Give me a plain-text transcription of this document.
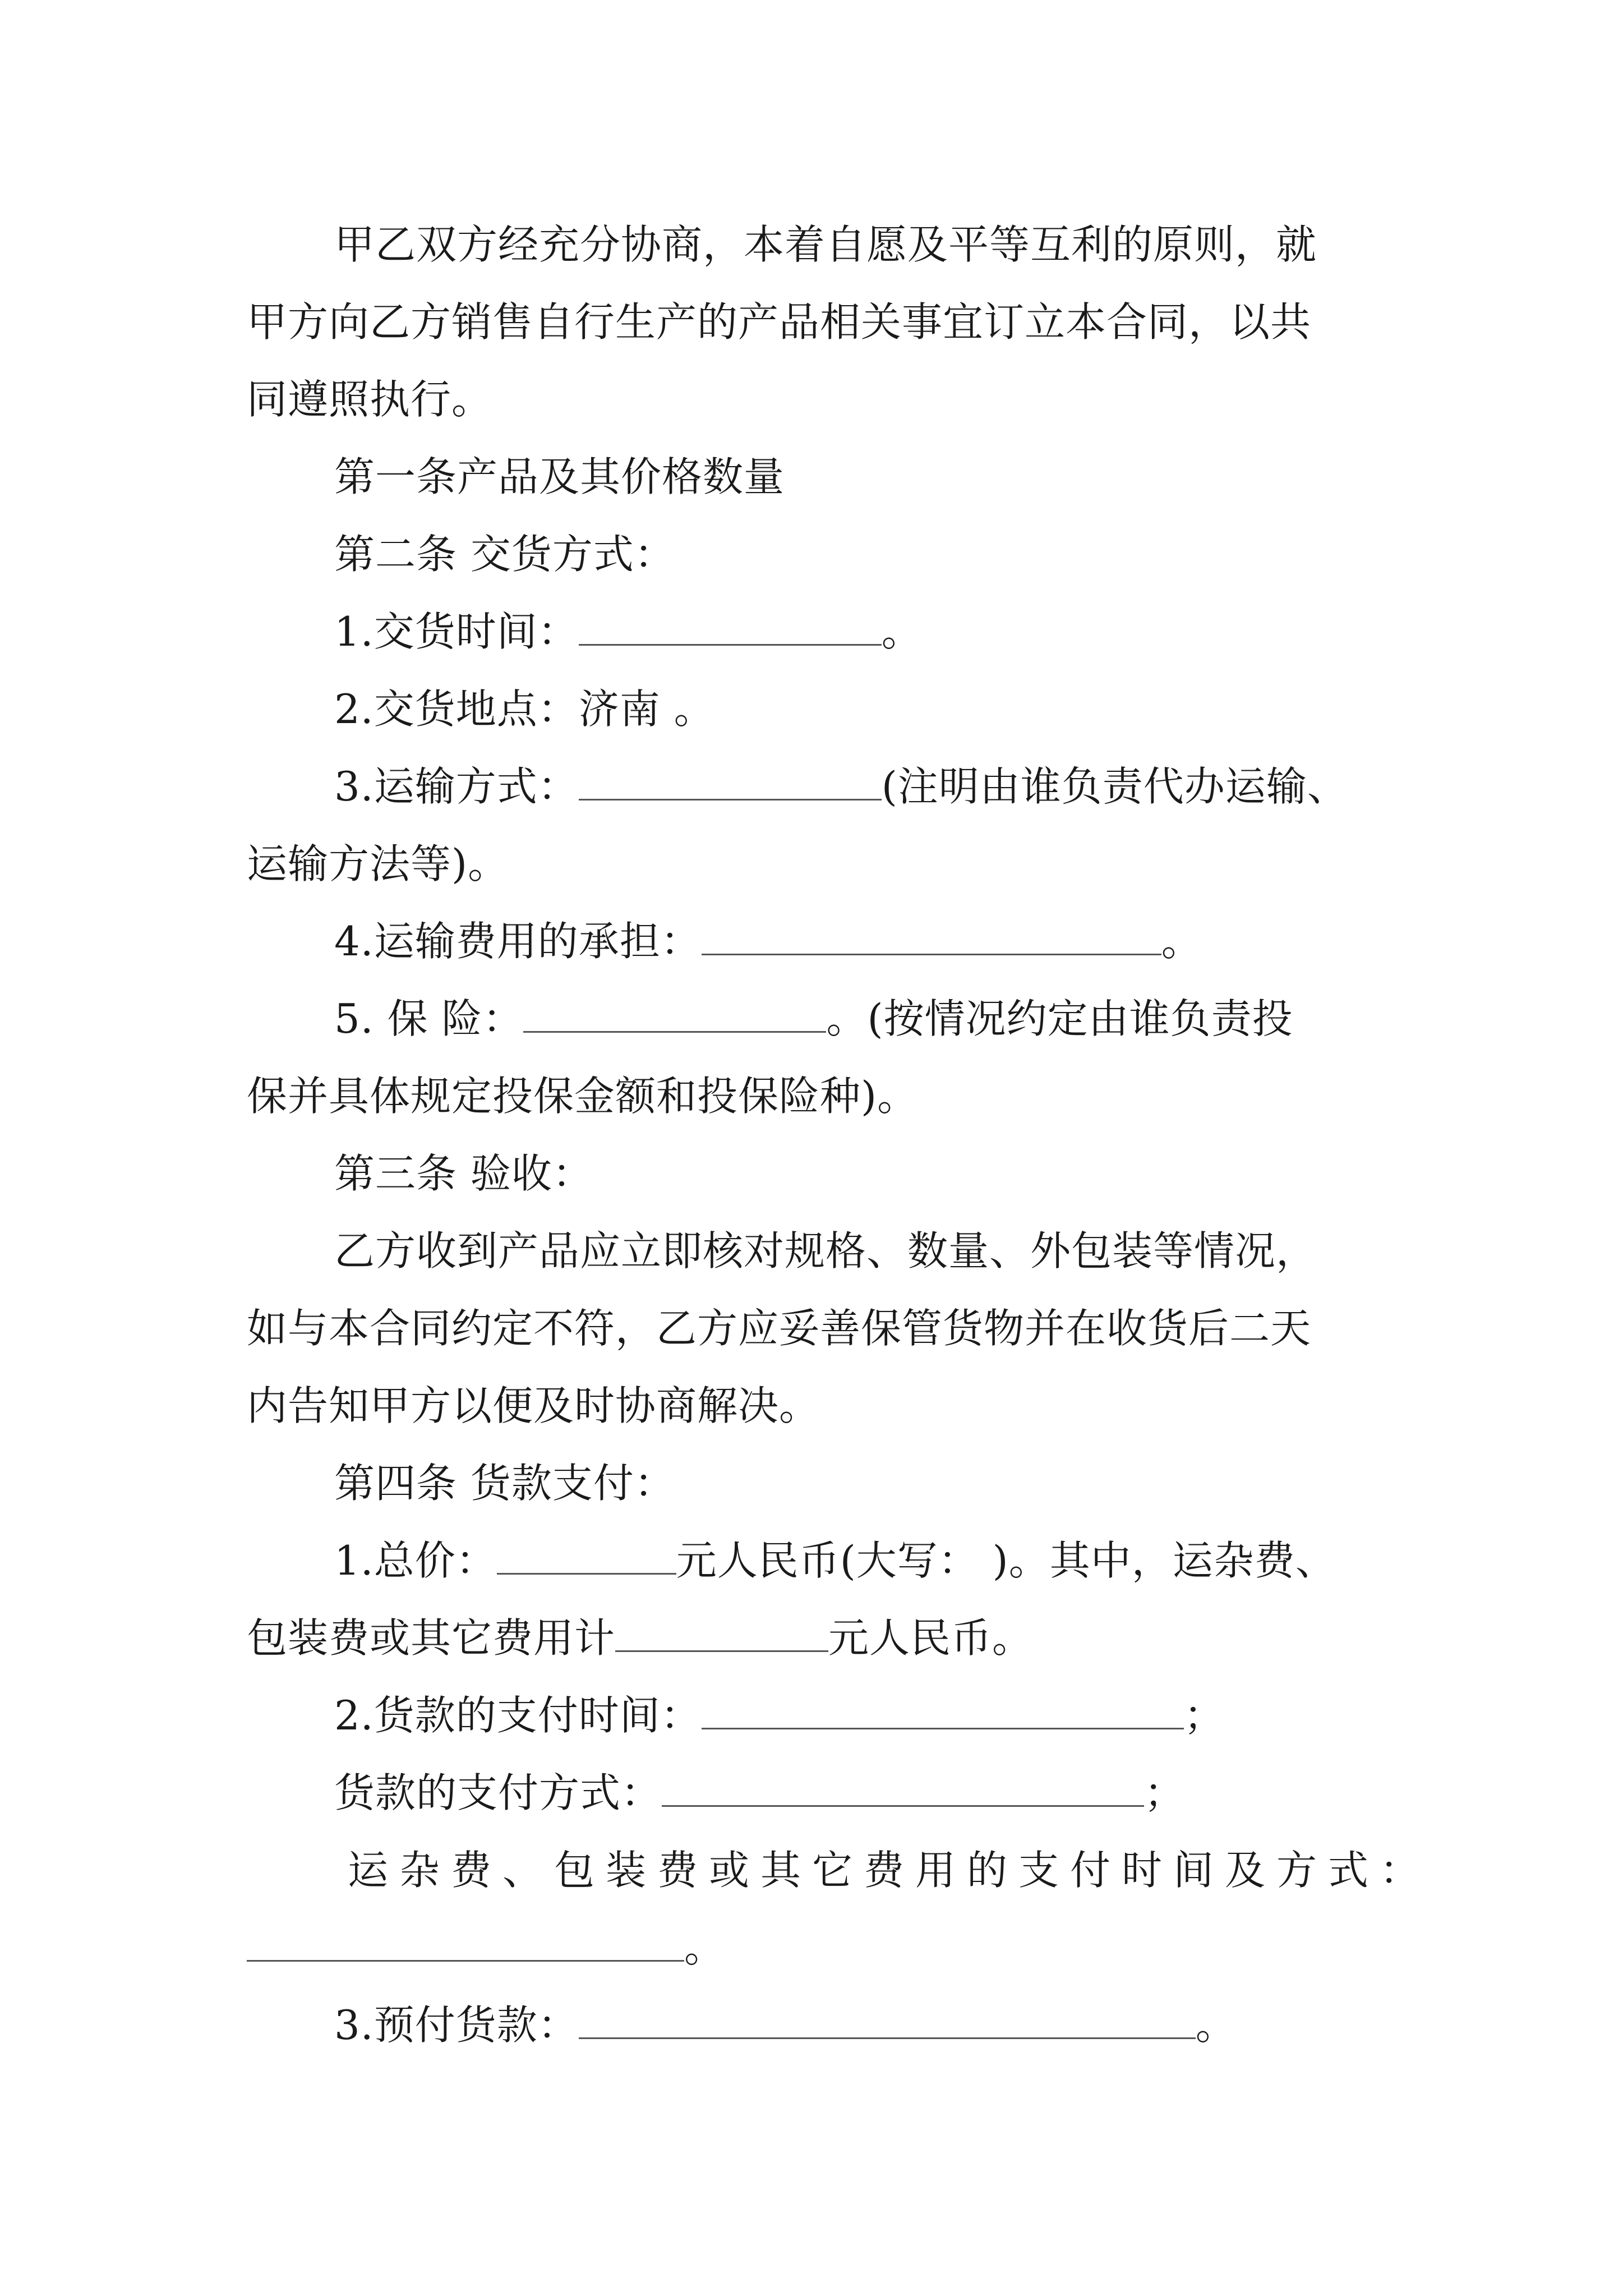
甲乙双方经充分协商，本着自愿及平等互利的原则，就

甲方向乙方销售自行生产的产品相关事宜订立本合同，以共

同遵照执行。

第一条产品及其价格数量

第二条 交货方式：

1.交货时间：	。

2.交货地点：济南 。

3.运输方式：	(注明由谁负责代办运输、

运输方法等)。

4.运输费用的承担：	。

5. 保 险：	。(按情况约定由谁负责投

保并具体规定投保金额和投保险种)。

第三条 验收：

乙方收到产品应立即核对规格、数量、外包装等情况，

如与本合同约定不符，乙方应妥善保管货物并在收货后二天

内告知甲方以便及时协商解决。

第四条 货款支付：

1.总价：	元人民币(大写： )。其中，运杂费、

包装费或其它费用计	元人民币。

2.货款的支付时间：	；

货款的支付方式：	；

运杂费、包装费或其它费用的支付时间及方式：

。

3.预付货款：	。
